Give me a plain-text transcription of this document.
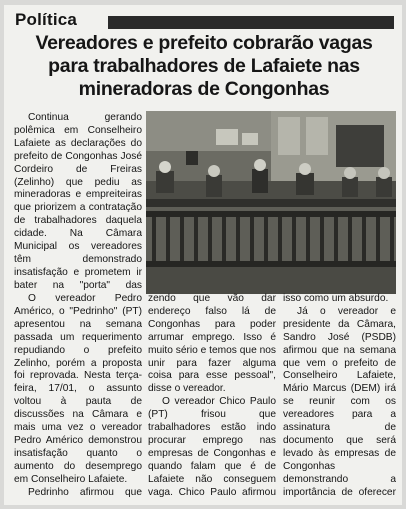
Política
Vereadores e prefeito cobrarão vagas
para trabalhadores de Lafaiete nas
mineradoras de Congonhas

Continua gerando polêmica em Conselheiro Lafaiete as declarações do prefeito de Congonhas José Cordeiro de Freiras (Zelinho) que pediu as mineradoras e empreiteiras que priorizem a contratação de trabalhadores daquela cidade. Na Câmara Municipal os vereadores têm demonstrado insatisfação e prometem ir bater na "porta" das

O vereador Pedro Américo, o "Pedrinho" (PT) apresentou na semana passada um requerimento repudiando o prefeito Zelinho, porém a proposta foi reprovada. Nesta terça-feira, 17/01, o assunto voltou à pauta de discussões na Câmara e mais uma vez o vereador Pedro Américo demonstrou insatisfação quanto o aumento do desemprego em Conselheiro Lafaiete.

Pedrinho afirmou que

zendo que vão dar endereço falso lá de Congonhas para poder arrumar emprego. Isso é muito sério e temos que nos unir para fazer alguma coisa para esse pessoal", disse o vereador.

O vereador Chico Paulo (PT) frisou que trabalhadores estão indo procurar emprego nas empresas de Congonhas e quando falam que é de Lafaiete não conseguem vaga. Chico Paulo afirmou

isso como um absurdo.

Já o vereador e presidente da Câmara, Sandro José (PSDB) afirmou que na semana que vem o prefeito de Conselheiro Lafaiete, Mário Marcus (DEM) irá se reunir com os vereadores para a assinatura de documento que será levado às empresas de Congonhas demonstrando a importância de oferecer
